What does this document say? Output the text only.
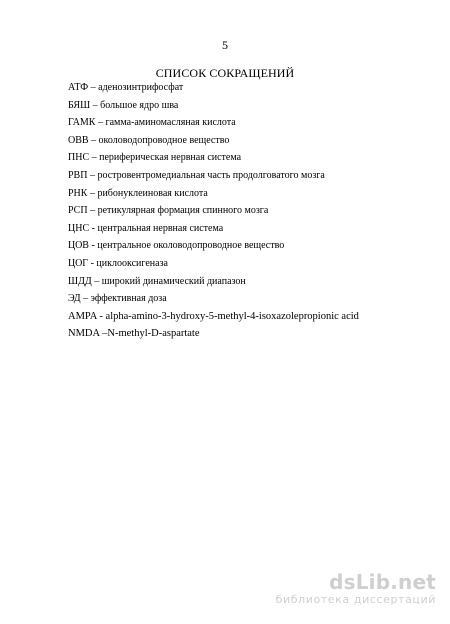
5
СПИСОК СОКРАЩЕНИЙ
АТФ – аденозинтрифосфат
БЯШ – большое ядро шва
ГАМК – гамма-аминомасляная кислота
ОВВ – околоводопроводное вещество
ПНС – периферическая нервная система
РВП – ростровентромедиальная часть продолговатого мозга
РНК – рибонуклеиновая кислота
РСП – ретикулярная формация спинного мозга
ЦНС - центральная нервная система
ЦОВ - центральное околоводопроводное вещество
ЦОГ - циклооксигеназа
ШДД – широкий динамический диапазон
ЭД – эффективная доза
AMPA - alpha-amino-3-hydroxy-5-methyl-4-isoxazolepropionic acid
NMDA –N-methyl-D-aspartate
dsLib.net
библиотека диссертаций
